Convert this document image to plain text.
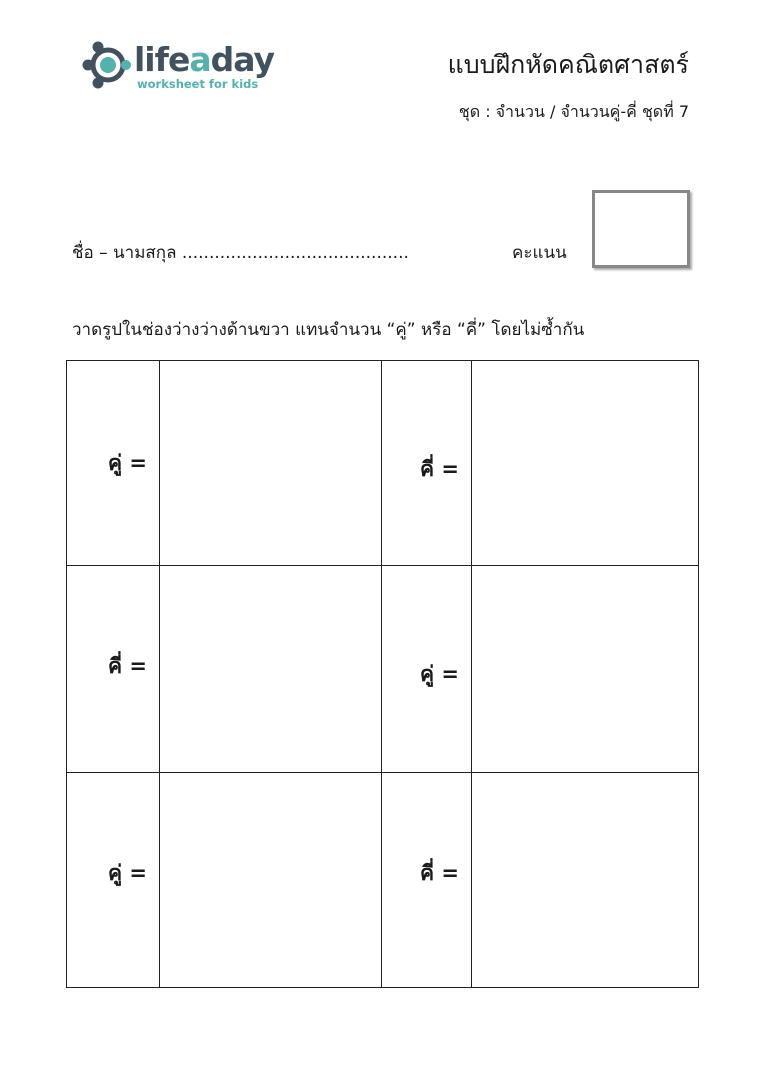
lifeaday
worksheet for kids
แบบฝึกหัดคณิตศาสตร์
ชุด : จำนวน / จำนวนคู่-คี่ ชุดที่ 7
ชื่อ – นามสกุล ..........................................	คะแนน
วาดรูปในช่องว่างว่างด้านขวา แทนจำนวน “คู่” หรือ “คี่” โดยไม่ซ้ำกัน
คู่ =		คี่ =	

คี่ =		คู่ =	

คู่ =		คี่ =	
